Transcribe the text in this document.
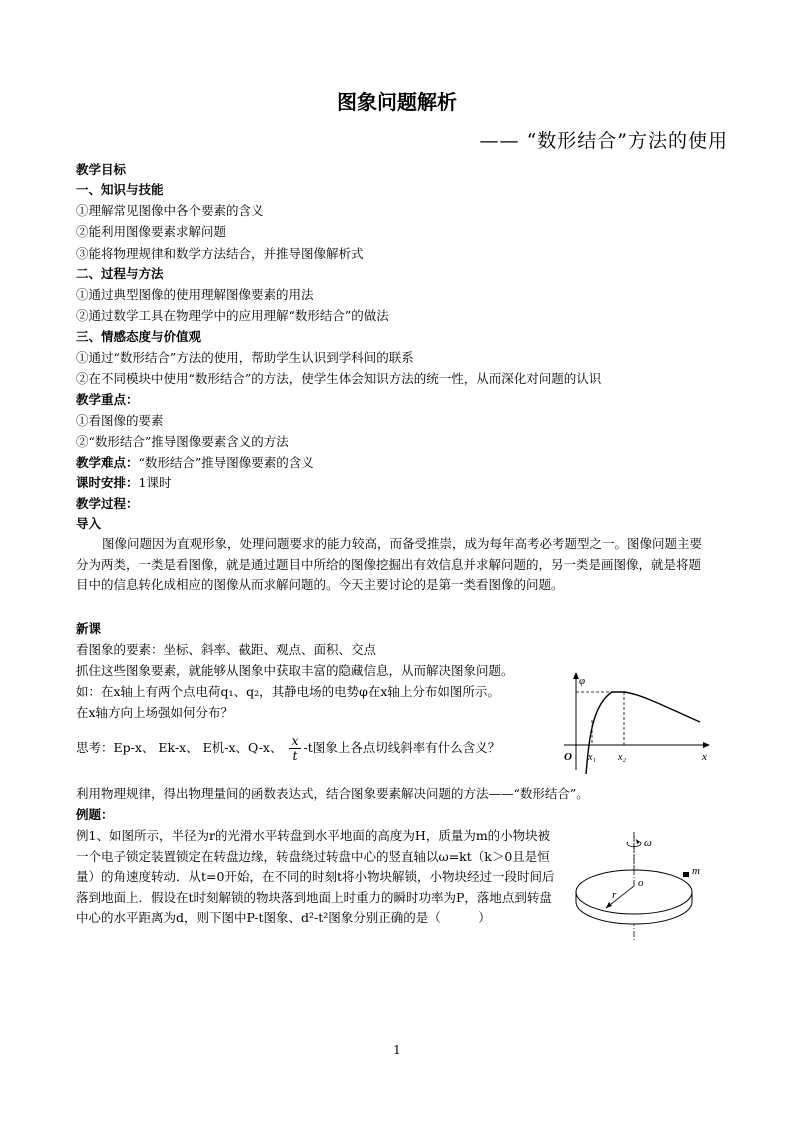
图象问题解析
—— “数形结合”方法的使用
教学目标
一、知识与技能
①理解常见图像中各个要素的含义
②能利用图像要素求解问题
③能将物理规律和数学方法结合，并推导图像解析式
二、过程与方法
①通过典型图像的使用理解图像要素的用法
②通过数学工具在物理学中的应用理解“数形结合”的做法
三、情感态度与价值观
①通过“数形结合”方法的使用，帮助学生认识到学科间的联系
②在不同模块中使用“数形结合”的方法，使学生体会知识方法的统一性，从而深化对问题的认识
教学重点：
①看图像的要素
②“数形结合”推导图像要素含义的方法
教学难点：“数形结合”推导图像要素的含义
课时安排：1课时
教学过程：
导入
图像问题因为直观形象，处理问题要求的能力较高，而备受推崇，成为每年高考必考题型之一。图像问题主要分为两类，一类是看图像，就是通过题目中所给的图像挖掘出有效信息并求解问题的，另一类是画图像，就是将题目中的信息转化成相应的图像从而求解问题的。今天主要讨论的是第一类看图像的问题。
新课
看图象的要素：坐标、斜率、截距、观点、面积、交点
抓住这些图象要素，就能够从图象中获取丰富的隐藏信息，从而解决图象问题。
如：在x轴上有两个点电荷q₁、q₂，其静电场的电势φ在x轴上分布如图所示。
在x轴方向上场强如何分布？
思考：Ep-x、 Ek-x、 E机-x、Q-x、 $\frac{x}{t} -t$图象上各点切线斜率有什么含义？
φ
x
O x₁ x₂
利用物理规律，得出物理量间的函数表达式，结合图象要素解决问题的方法——“数形结合”。
例题：
例1、如图所示，半径为r的光滑水平转盘到水平地面的高度为H，质量为m的小物块被一个电子锁定装置锁定在转盘边缘，转盘绕过转盘中心的竖直轴以ω=kt（k＞0且是恒量）的角速度转动．从t=0开始，在不同的时刻t将小物块解锁，小物块经过一段时间后落到地面上．假设在t时刻解锁的物块落到地面上时重力的瞬时功率为P，落地点到转盘中心的水平距离为d，则下图中P-t图象、d²-t²图象分别正确的是（　　　）
ω
m
r
o
1
